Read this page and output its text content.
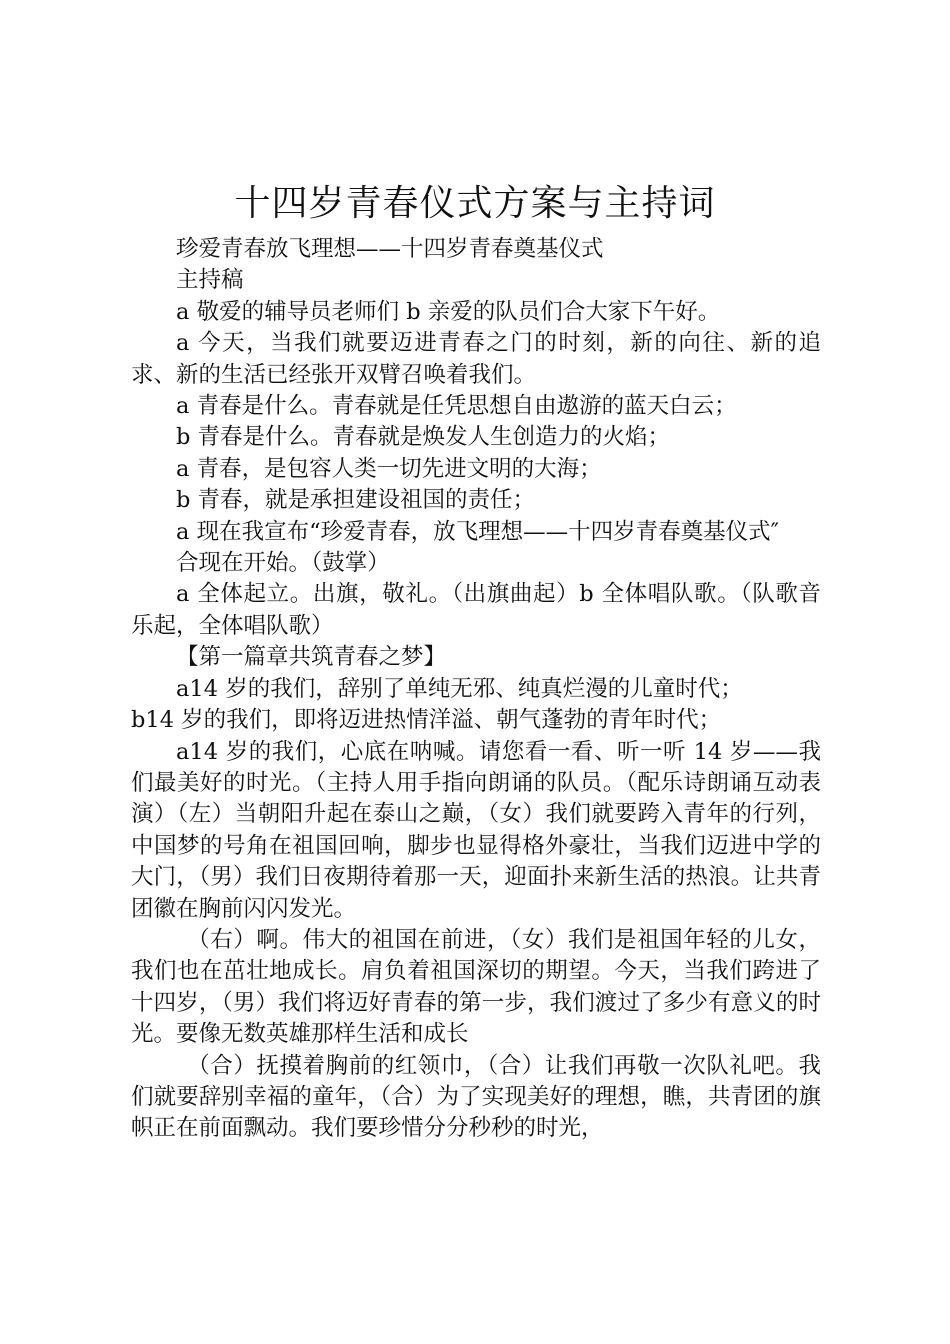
十四岁青春仪式方案与主持词

珍爱青春放飞理想——十四岁青春奠基仪式

主持稿

a 敬爱的辅导员老师们 b 亲爱的队员们合大家下午好。

a 今天，当我们就要迈进青春之门的时刻，新的向往、新的追求、新的生活已经张开双臂召唤着我们。

a 青春是什么。青春就是任凭思想自由遨游的蓝天白云；

b 青春是什么。青春就是焕发人生创造力的火焰；

a 青春，是包容人类一切先进文明的大海；

b 青春，就是承担建设祖国的责任；

a 现在我宣布“珍爱青春，放飞理想——十四岁青春奠基仪式″

合现在开始。（鼓掌）

a 全体起立。出旗，敬礼。（出旗曲起）b 全体唱队歌。（队歌音乐起，全体唱队歌）

【第一篇章共筑青春之梦】

a14 岁的我们，辞别了单纯无邪、纯真烂漫的儿童时代；

b14 岁的我们，即将迈进热情洋溢、朝气蓬勃的青年时代；

a14 岁的我们，心底在呐喊。请您看一看、听一听 14 岁——我们最美好的时光。（主持人用手指向朗诵的队员。（配乐诗朗诵互动表演）（左）当朝阳升起在泰山之巅，（女）我们就要跨入青年的行列，中国梦的号角在祖国回响，脚步也显得格外豪壮，当我们迈进中学的大门，（男）我们日夜期待着那一天，迎面扑来新生活的热浪。让共青团徽在胸前闪闪发光。

（右）啊。伟大的祖国在前进，（女）我们是祖国年轻的儿女，我们也在茁壮地成长。肩负着祖国深切的期望。今天，当我们跨进了十四岁，（男）我们将迈好青春的第一步，我们渡过了多少有意义的时光。要像无数英雄那样生活和成长

（合）抚摸着胸前的红领巾，（合）让我们再敬一次队礼吧。我们就要辞别幸福的童年，（合）为了实现美好的理想，瞧，共青团的旗帜正在前面飘动。我们要珍惜分分秒秒的时光，
